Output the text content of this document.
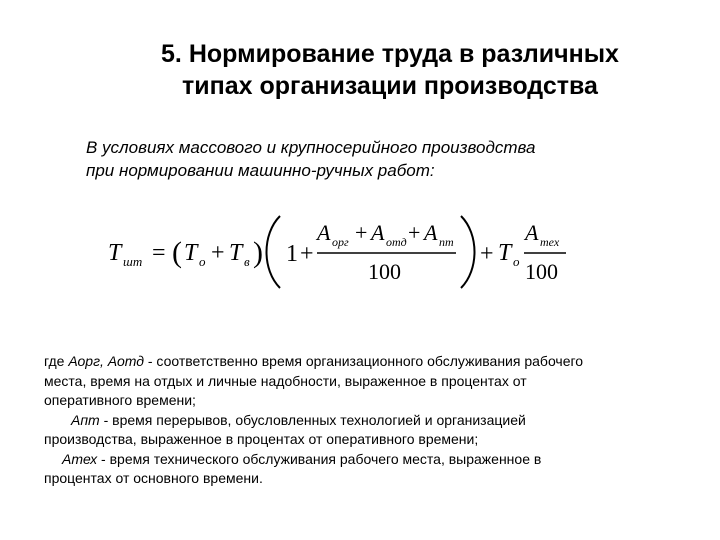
5. Нормирование труда в различных
типах организации производства
В условиях массового и крупносерийного производства
при нормировании машинно-ручных работ:
T шт = ( T o + T в ) 1 +
A орг + A отд + A пт
100
+ T o
A тех
100
где Аорг, Аотд - соответственно время организационного обслуживания рабочего
места, время на отдых и личные надобности, выраженное в процентах от
оперативного времени;
Апт - время перерывов, обусловленных технологией и организацией
производства, выраженное в процентах от оперативного времени;
Атех - время технического обслуживания рабочего места, выраженное в
процентах от основного времени.
